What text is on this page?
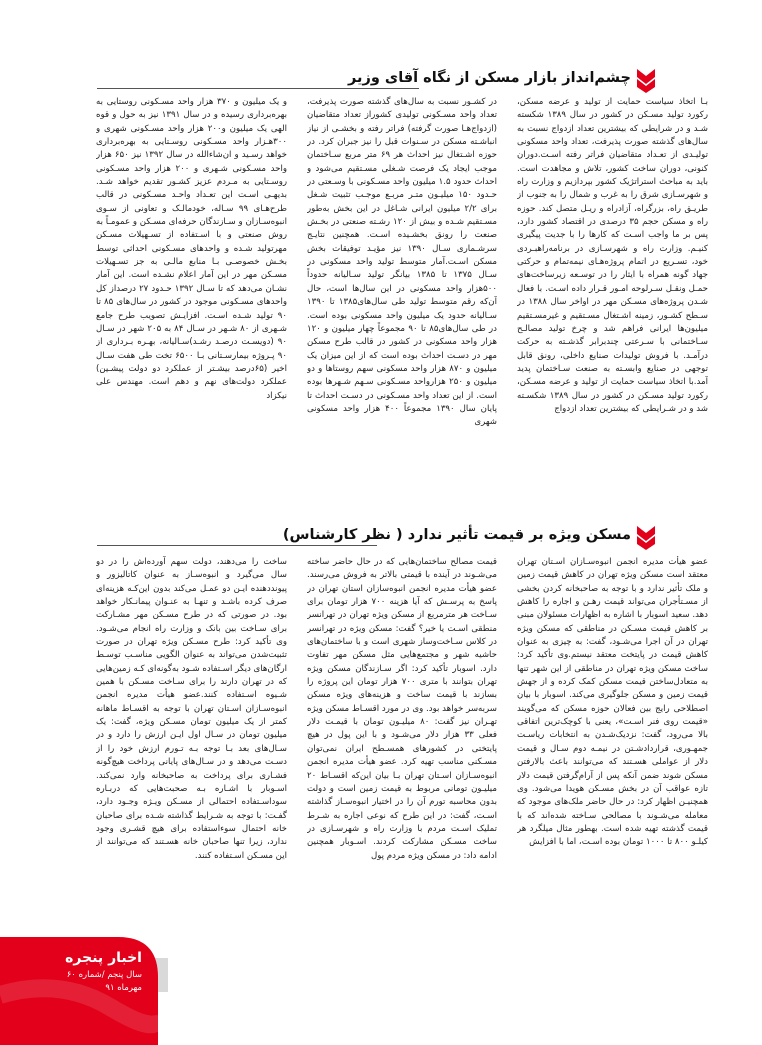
چشم‌انداز بازار مسکن از نگاه آقای وزیر
بـا اتخاذ سیاست حمایت از تولید و عرضه مسکن، رکورد تولید مسـکن در کشور در سال ۱۳۸۹ شکسته شـد و در شرایطی که بیشترین تعداد ازدواج نسبت به سال‌های گذشته صورت پذیرفت، تعداد واحد مسکونی تولیـدی از تعـداد متقاضیان فراتر رفته اسـت.دوران کنونی، دوران ساخت کشور، تلاش و مجاهدت است. باید به مباحث استراتژیک کشور بپردازیم و وزارت راه و شهرسـازی شرق را به غرب و شمال را به جنوب از طریـق راه، بزرگراه، آزادراه و ریـل متصل کند. حوزه راه و مسکن حجم ۳۵ درصدی در اقتصاد کشور دارد، پس بر ما واجب اسـت که کارها را با جدیت پیگیری کنیـم. وزارت راه و شهرسـازی در برنامه‌راهبـردی خود، تسـریع در اتمام پروژه‌هـای نیمه‌تمام و حرکتی جهاد گونه همراه با ایثار را در توسـعه زیرساخت‌های حمـل ونقـل سـرلوحه امـور قـرار داده اسـت. با فعال شـدن پروژه‌های مسـکن مهر در اواخر سال ۱۳۸۸ در سـطح کشـور، زمینه اشـتغال مسـتقیم و غیرمسـتقیم میلیون‌ها ایرانی فراهم شد و چرخ تولید مصالـح سـاختمانی با سـرعتی چندبرابر گذشـته به حرکت درآمـد. با فروش تولیدات صنایع داخلی، رونق قابل توجهی در صنایع وابسـته به صنعت سـاختمان پدید آمد.با اتخاذ سیاست حمایت از تولید و عرضه مسـکن، رکورد تولید مسـکن در کشور در سال ۱۳۸۹ شکسـته شد و در شـرایطی که بیشترین تعداد ازدواج
در کشـور نسبت به سال‌های گذشته صورت پذیرفت، تعداد واحد مسـکونی تولیدی کشوراز تعداد متقاضیان (ازدواج‌هـا صورت گرفته) فراتر رفته و بخشـی از نیاز انباشـته مسکن در سـنوات قبل را نیز جبران کرد. در حوزه اشـتغال نیز احداث هر ۶۹ متر مربع سـاختمان موجب ایجاد یک فرصت شـغلی مسـتقیم می‌شود و احداث حدود ۱.۵ میلیون واحد مسـکونی با وسـعتی در حـدود ۱۵۰ میلیـون متـر مربـع موجـب تثبیت شـغل برای ۲/۲ میلیون ایرانی شـاغل در این بخش به‌طور مسـتقیم شـده و بیش از ۱۲۰ رشـته صنعتی در بخـش صنعت را رونق بخشـیده اسـت. همچنین نتایـج سرشـماری سـال ۱۳۹۰ نیز مؤیـد توفیقات بخش مسکن اسـت.آمار متوسط تولید واحد مسکونی در سـال ۱۳۷۵ تا ۱۳۸۵ بیانگر تولید سـالیانه حدوداً ۵۰۰هزار واحد مسکونی در این سال‌ها است، حال آن‌که رقم متوسط تولید طی سال‌های۱۳۸۵ تا ۱۳۹۰ سـالیانه حدود یک میلیون واحد مسکونی بوده است. در طی سال‌های۸۵ تا ۹۰ مجموعاً چهار میلیون و ۱۲۰ هزار واحد مسکونی در کشور در قالب طرح مسکن مهر در دسـت احداث بوده است که از این میزان یک میلیون و ۸۷۰ هزار واحد مسکونی سهم روستاها و دو میلیون و ۲۵۰ هزارواحد مسـکونی سـهم شـهرها بوده است. از این تعداد واحد مسـکونی در دسـت احداث تا پایان سال ۱۳۹۰ مجموعاً ۴۰۰ هزار واحد مسکونی شهری
و یک میلیون و ۳۷۰ هزار واحد مسـکونی روستایی به بهره‌برداری رسیده و در سال ۱۳۹۱ نیز به حول و قوه الهی یک میلیون و۲۰۰ هزار واحد مسـکونی شهری و ۳۰۰هـزار واحد مسـکونی روسـتایی به بهره‌برداری خواهد رسـید و ان‌شاءالله در سال ۱۳۹۲ نیز ۶۵۰ هزار واحد مسـکونی شـهری و ۲۰۰ هزار واحد مسـکونی روسـتایی به مـردم عزیز کشـور تقدیم خواهد شـد. بدیهـی اسـت این تعـداد واحـد مسـکونی در قالب طرح‌هـای ۹۹ سـاله، خودمالـک و تعاونی از سـوی انبوه‌سـازان و سـازندگان حرفه‌ای مسـکن و عمومـاً به روش صنعتی و با اسـتفاده از تسـهیلات مسـکن مهرتولید شـده و واحدهای مسـکونی احداثی توسط بخـش خصوصـی بـا منابع مالـی به جز تسـهیلات مسـکن مهر در این آمار اعلام نشـده است. این آمار نشـان می‌دهد که تا سـال ۱۳۹۲ حـدود ۲۷ درصداز کل واحدهای مسـکونی موجود در کشور در سال‌های ۸۵ تا ۹۰ تولید شـده اسـت. افزایـش تصویب طرح جامع شـهری از ۸۰ شـهر در سـال ۸۴ به ۲۰۵ شهر در سـال ۹۰ (دویسـت درصـد رشـد)سـالیانه، بهـره بـرداری از ۹۰ پـروژه بیمارسـتانی بـا ۶۵۰۰ تخت طی هفت سـال اخیر (۶۵درصد بیشـتر از عملکرد دو دولت پیشـین) عملکرد دولت‌های نهم و دهم است. مهندس علی نیکزاد
مسکن ویژه بر قیمت تأثیر ندارد ( نظر کارشناس)
عضو هیأت مدیره انجمن انبوه‌سـازان اسـتان تهران معتقد است مسکن ویژه تهران در کاهش قیمت زمین و ملک تأثیر ندارد و با توجه به صاحبخانه کردن بخشی از مسـتأجران می‌تواند قیمت رهـن و اجاره را کاهش دهد. سعید اسوبار با اشاره به اظهارات مسئولان مبنی بر کاهش قیمت مسـکن در مناطقی که مسکن ویژه تهران در آن اجرا می‌شـود، گفت: به چیزی به عنوان کاهش قیمت در پایتخت معتقد نیستم.وی تأکید کرد: ساخت مسکن ویژه تهران در مناطقی از این شهر تنها به متعادل‌ساختن قیمت مسکن کمک کرده و از جهش قیمت زمین و مسکن جلوگیری می‌کند. اسوبار با بیان اصطلاحی رایج بین فعالان حوزه مسکن که می‌گویند «قیمت روی فنر اسـت»، یعنی با کوچک‌ترین اتفاقی بالا می‌رود، گفت: نزدیک‌شـدن به انتخابات ریاسـت جمهـوری، قراردادشـتن در نیمـه دوم سـال و قیمت دلار از عواملی هسـتند که می‌توانند باعث بالارفتن مسکن شوند ضمن آنکه پس از آرام‌گرفتن قیمت دلار تازه عواقب آن در بخش مسـکن هویدا می‌شود. وی همچنیـن اظهار کرد: در حال حاضر ملک‌های موجود که معامله می‌شـوند با مصالحی سـاخته شده‌اند که با قیمت گذشته تهیه شده است. بهطور مثال میلگرد هر کیلـو ۸۰۰ تا ۱۰۰۰ تومان بوده اسـت، اما با افزایش
قیمت مصالح ساختمان‌هایی که در حال حاضر ساخته می‌شـوند در آینده با قیمتی بالاتر به فروش می‌رسند. عضو هیأت مدیره انجمن انبوه‌سازان استان تهران در پاسخ به پرسـش که آیا هزینه ۷۰۰ هزار تومان برای سـاخت هر مترمربع از مسکن ویژه تهران در تهرانسر منطقی اسـت یا خیر؟ گفت: مسکن ویژه در تهرانسر در کلاس سـاخت‌وساز شهری است و با ساختمان‌های حاشیه شهر و مجتمع‌هایی مثل مسکن مهر تفاوت دارد. اسوبار تأکید کرد: اگر سـازندگان مسکن ویژه تهران بتوانند با متری ۷۰۰ هزار تومان این پروژه را بسازند با قیمت ساخت و هزینه‌های ویژه مسکن سربه‌سر خواهد بود. وی در مورد اقسـاط مسکن ویژه تهـران نیز گفت: ۸۰ میلیـون تومان با قیمـت دلار فعلی ۳۳ هزار دلار می‌شـود و با این پول در هیچ پایتختی در کشورهای همسـطح ایران نمی‌توان مسـکنی مناسب تهیه کرد. عضو هیأت مدیره انجمن انبوه‌سـازان اسـتان تهران بـا بیان این‌که اقسـاط ۲۰ میلیـون تومانی مربوط به قیمت زمین است و دولت بدون محاسبه تورم آن را در اختیار انبوه‌سـاز گذاشته اسـت، گفت: در این طرح که نوعی اجاره به شـرط تملیک اسـت مردم با وزارت راه و شهرسـازی در ساخت مسـکن مشارکت کردند. اسـوبار همچنین ادامه داد: در مسکن ویژه مردم پول
ساخت را می‌دهند، دولت سهم آورده‌اش را در دو سال می‌گیرد و انبوه‌سـاز به عنوان کاتالیزور و پیونددهنده ایـن دو عمـل می‌کند بدون این‌کـه هزینه‌ای صرف کرده باشـد و تنهـا به عنـوان پیمانـکار خواهد بود. در صورتی که در طرح مسـکن مهر مشـارکت برای سـاخت بین بانک و وزارت راه انجام می‌شـود. وی تأکید کرد: طرح مسـکن ویژه تهران در صورت تثبیت‌شدن می‌تواند به عنوان الگویی مناسـب توسـط ارگان‌های دیگر اسـتفاده شـود به‌گونه‌ای کـه زمین‌هایی که در تهران دارند را برای سـاخت مسـکن با همین شـیوه اسـتفاده کنند.عضو هیأت مدیره انجمن انبوه‌سـازان اسـتان تهران با توجه به اقسـاط ماهانه کمتر از یک میلیون تومان مسـکن ویژه، گفت: یک میلیون تومان در سـال اول ایـن ارزش را دارد و در سـال‌های بعد بـا توجه بـه تـورم ارزش خود را از دسـت می‌دهد و در سـال‌های پایانی پرداخت هیچ‌گونه فشـاری برای پرداخت به صاحبخانه وارد نمی‌کند. اسـوبار با اشـاره بـه صحبت‌هایی که دربـاره سوداسـتفاده احتمالی از مسـکن ویـژه وجـود دارد، گفـت: با توجه به شـرایط گذاشته شـده برای صاحبان خانه احتمال سوءاستفاده برای هیچ قشـری وجود ندارد، زیرا تنها صاحبان خانه هسـتند که می‌توانند از این مسـکن اسـتفاده کنند.
اخبار پنجره
سال پنجم /شماره ۶۰
مهرماه ۹۱
